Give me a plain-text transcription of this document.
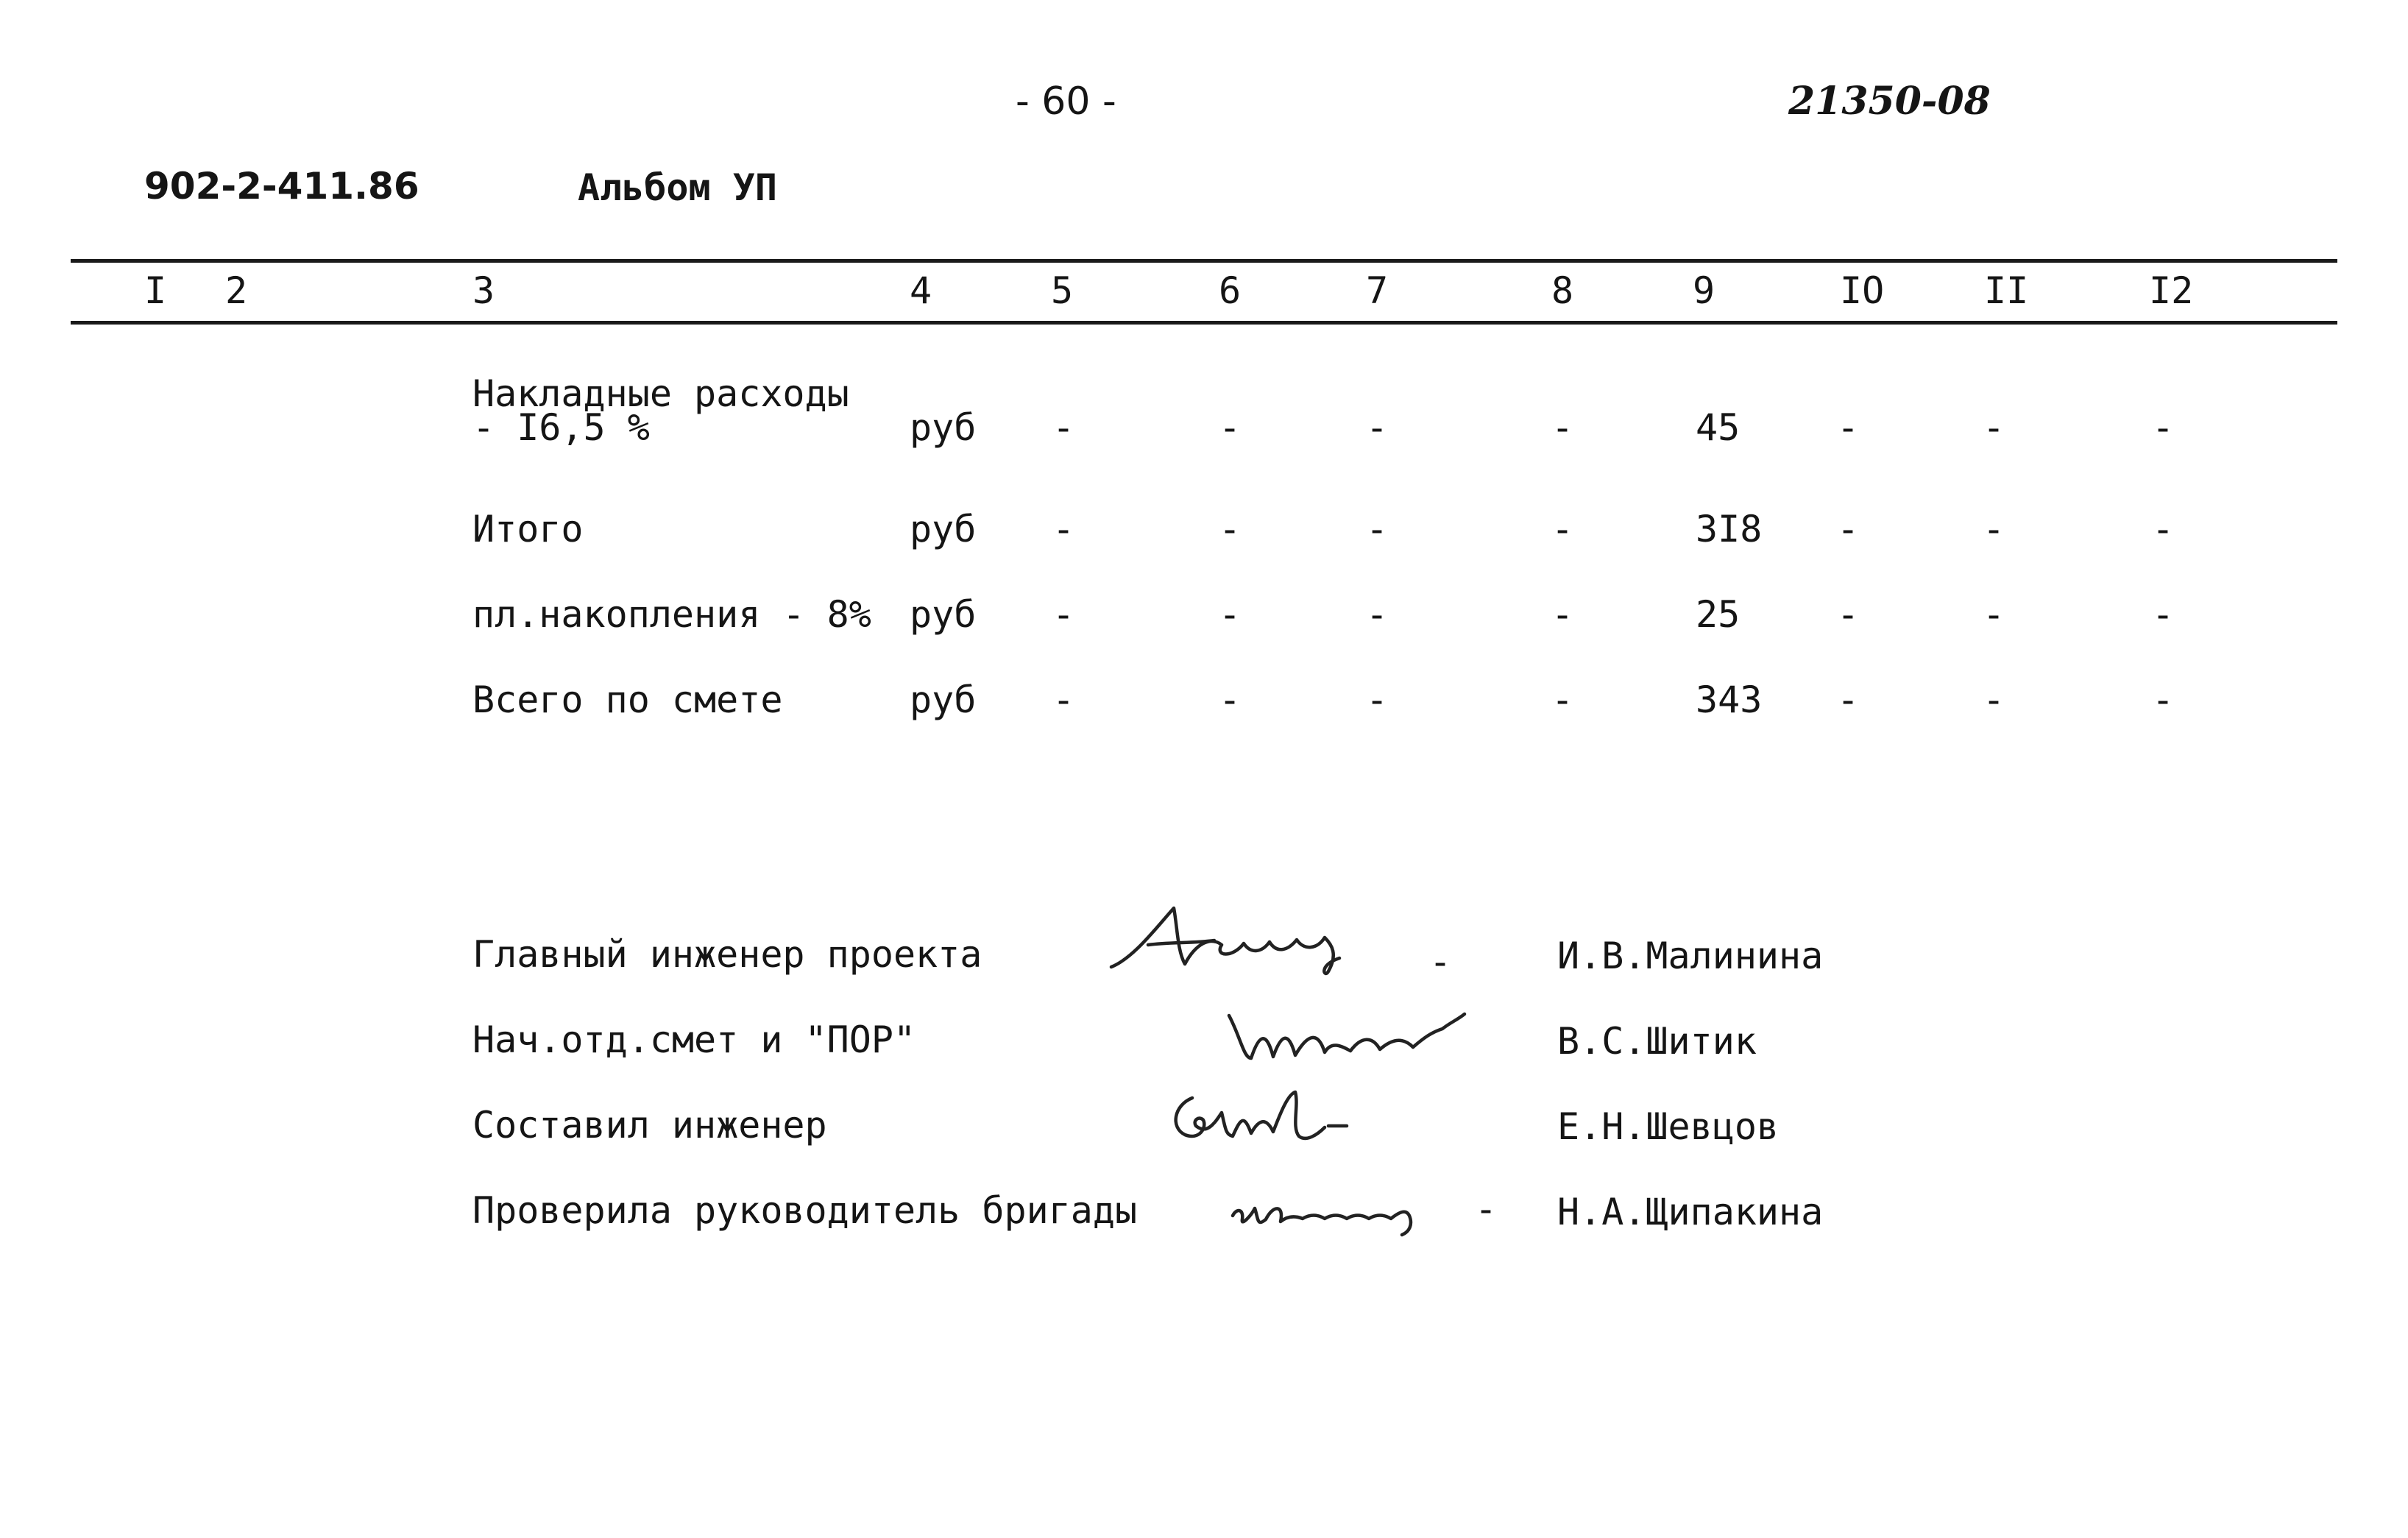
- 60 -	21350-08
902-2-411.86	Альбом УП
I 2	3	4	5	6	7	8	9	IO	II	I2
Накладные расходы
- I6,5 %	руб -	-	-	-	45	-	-	-
Итого	руб -	-	-	-	3I8 -	-	-
пл.накопления - 8% руб -	-	-	-	25	-	-	-
Всего по смете	руб -	-	-	-	343 -	-	-
Главный инженер проекта	-	И.В.Малинина
Нач.отд.смет и "ПОР"	В.С.Шитик
Составил инженер	Е.Н.Шевцов
Проверила руководитель бригады	- Н.А.Щипакина
